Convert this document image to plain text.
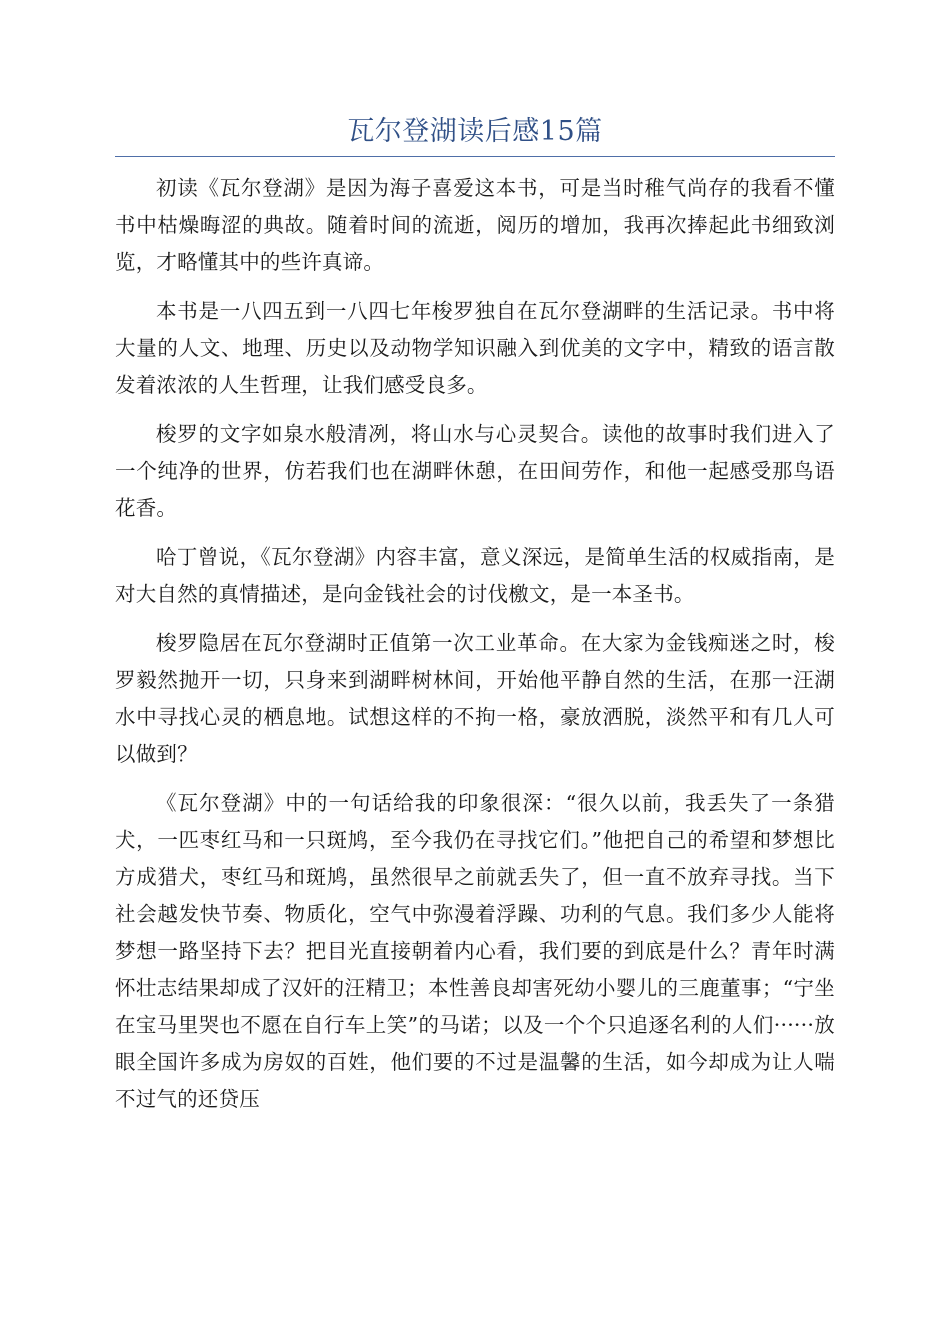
瓦尔登湖读后感15篇

初读《瓦尔登湖》是因为海子喜爱这本书，可是当时稚气尚存的我看不懂书中枯燥晦涩的典故。随着时间的流逝，阅历的增加，我再次捧起此书细致浏览，才略懂其中的些许真谛。

本书是一八四五到一八四七年梭罗独自在瓦尔登湖畔的生活记录。书中将大量的人文、地理、历史以及动物学知识融入到优美的文字中，精致的语言散发着浓浓的人生哲理，让我们感受良多。

梭罗的文字如泉水般清冽，将山水与心灵契合。读他的故事时我们进入了一个纯净的世界，仿若我们也在湖畔休憩，在田间劳作，和他一起感受那鸟语花香。

哈丁曾说，《瓦尔登湖》内容丰富，意义深远，是简单生活的权威指南，是对大自然的真情描述，是向金钱社会的讨伐檄文，是一本圣书。

梭罗隐居在瓦尔登湖时正值第一次工业革命。在大家为金钱痴迷之时，梭罗毅然抛开一切，只身来到湖畔树林间，开始他平静自然的生活，在那一汪湖水中寻找心灵的栖息地。试想这样的不拘一格，豪放洒脱，淡然平和有几人可以做到？

《瓦尔登湖》中的一句话给我的印象很深：“很久以前，我丢失了一条猎犬，一匹枣红马和一只斑鸠，至今我仍在寻找它们。”他把自己的希望和梦想比方成猎犬，枣红马和斑鸠，虽然很早之前就丢失了，但一直不放弃寻找。当下社会越发快节奏、物质化，空气中弥漫着浮躁、功利的气息。我们多少人能将梦想一路坚持下去？把目光直接朝着内心看，我们要的到底是什么？青年时满怀壮志结果却成了汉奸的汪精卫；本性善良却害死幼小婴儿的三鹿董事；“宁坐在宝马里哭也不愿在自行车上笑”的马诺；以及一个个只追逐名利的人们······放眼全国许多成为房奴的百姓，他们要的不过是温馨的生活，如今却成为让人喘不过气的还贷压
